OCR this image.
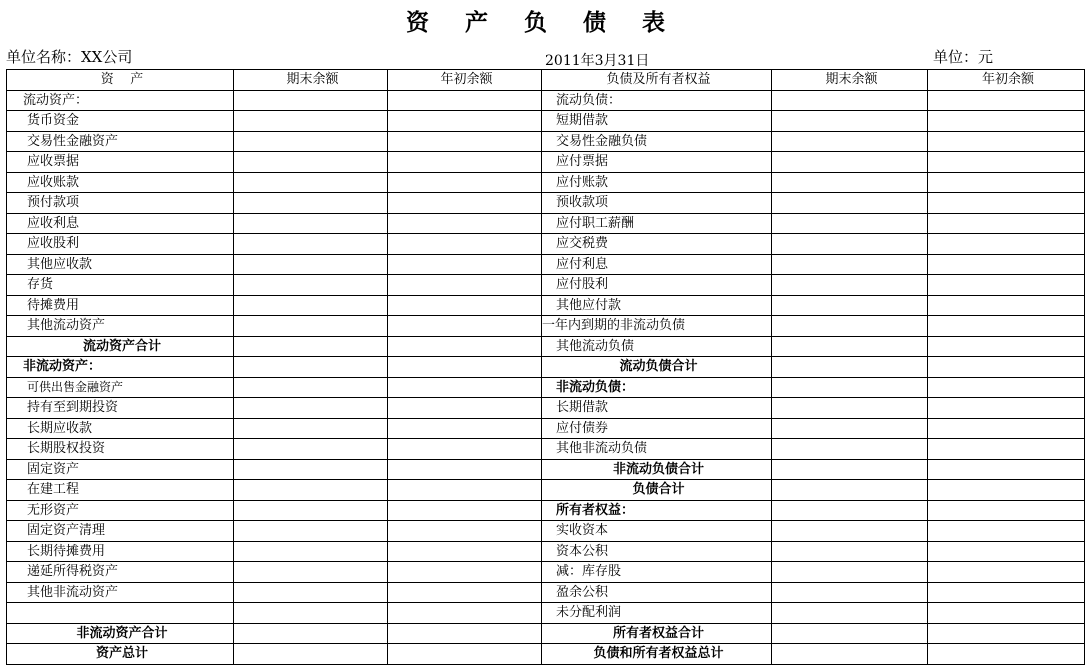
资 产 负 债 表
单位名称：XX公司	2011年3月31日	单位：元
资    产	期末余额	年初余额	负债及所有者权益	期末余额	年初余额
流动资产：			流动负债：		
货币资金			短期借款		
交易性金融资产			交易性金融负债		
应收票据			应付票据		
应收账款			应付账款		
预付款项			预收款项		
应收利息			应付职工薪酬		
应收股利			应交税费		
其他应收款			应付利息		
存货			应付股利		
待摊费用			其他应付款		
其他流动资产			一年内到期的非流动负债		
流动资产合计			其他流动负债		
非流动资产：			流动负债合计		
可供出售金融资产			非流动负债：		
持有至到期投资			长期借款		
长期应收款			应付债券		
长期股权投资			其他非流动负债		
固定资产			非流动负债合计		
在建工程			负债合计		
无形资产			所有者权益：		
固定资产清理			实收资本		
长期待摊费用			资本公积		
递延所得税资产			减：库存股		
其他非流动资产			盈余公积		
			未分配利润		
非流动资产合计			所有者权益合计		
资产总计			负债和所有者权益总计		
